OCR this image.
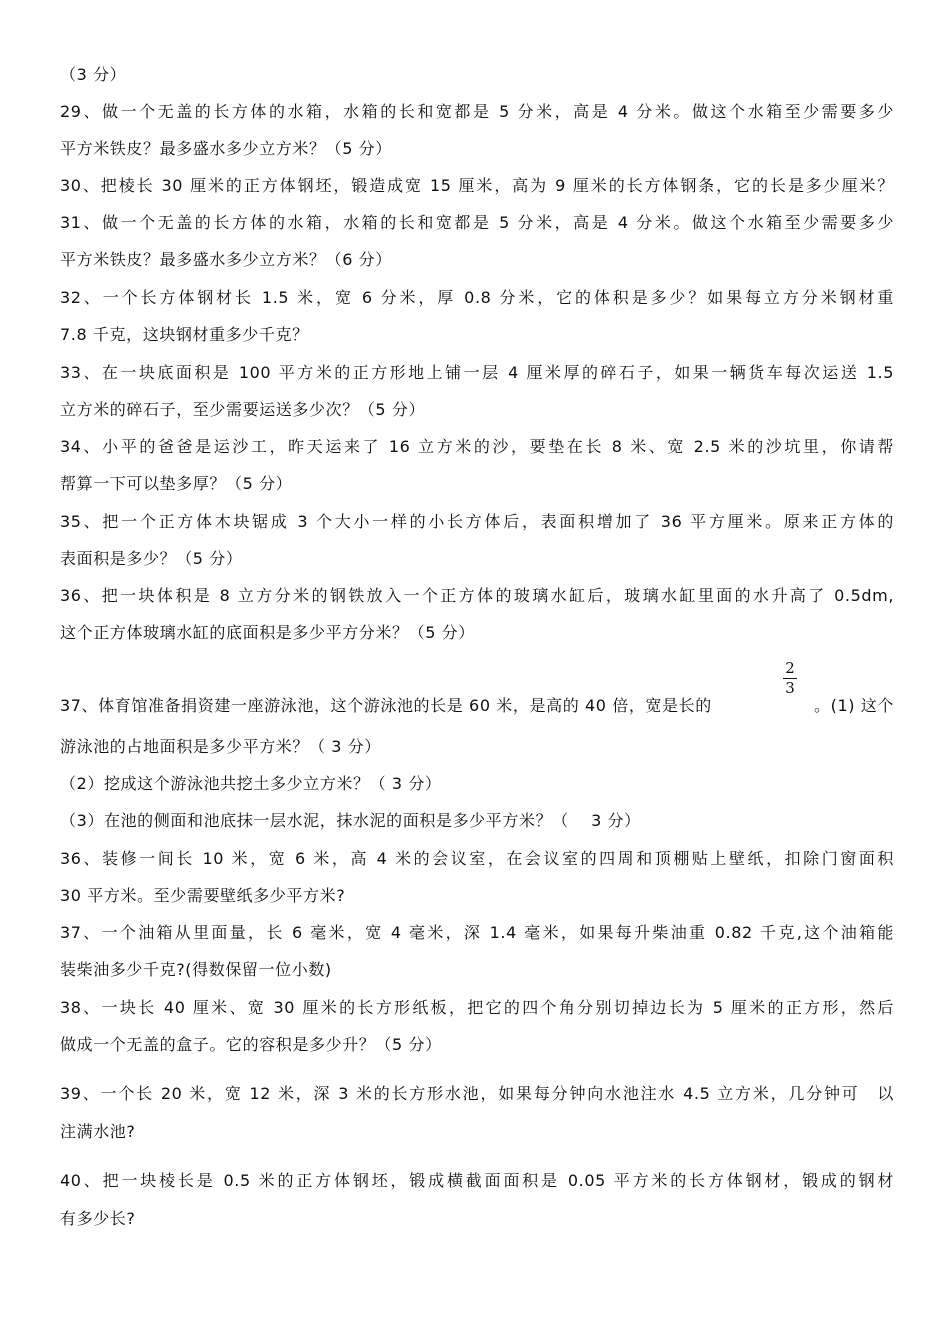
（3 分）
29、做一个无盖的长方体的水箱，水箱的长和宽都是 5 分米，高是 4 分米。做这个水箱至少需要多少
平方米铁皮？最多盛水多少立方米？（5 分）
30、把棱长 30 厘米的正方体钢坯，锻造成宽 15 厘米，高为 9 厘米的长方体钢条，它的长是多少厘米？
31、做一个无盖的长方体的水箱，水箱的长和宽都是 5 分米，高是 4 分米。做这个水箱至少需要多少
平方米铁皮？最多盛水多少立方米？（6 分）
32、一个长方体钢材长 1.5 米，宽 6 分米，厚 0.8 分米，它的体积是多少？如果每立方分米钢材重
7.8 千克，这块钢材重多少千克？
33、在一块底面积是 100 平方米的正方形地上铺一层 4 厘米厚的碎石子，如果一辆货车每次运送 1.5
立方米的碎石子，至少需要运送多少次？（5 分）
34、小平的爸爸是运沙工，昨天运来了 16 立方米的沙，要垫在长 8 米、宽 2.5 米的沙坑里，你请帮
帮算一下可以垫多厚？（5 分）
35、把一个正方体木块锯成 3 个大小一样的小长方体后，表面积增加了 36 平方厘米。原来正方体的
表面积是多少？（5 分）
36、把一块体积是 8 立方分米的钢铁放入一个正方体的玻璃水缸后，玻璃水缸里面的水升高了 0.5dm,
这个正方体玻璃水缸的底面积是多少平方分米？（5 分）
37、体育馆准备捐资建一座游泳池，这个游泳池的长是 60 米，是高的 40 倍，宽是长的
2
3
。(1) 这个
游泳池的占地面积是多少平方米？（ 3 分）
（2）挖成这个游泳池共挖土多少立方米？（ 3 分）
（3）在池的侧面和池底抹一层水泥，抹水泥的面积是多少平方米？（　 3 分）
36、装修一间长 10 米，宽 6 米，高 4 米的会议室，在会议室的四周和顶棚贴上壁纸，扣除门窗面积
30 平方米。至少需要壁纸多少平方米?
37、一个油箱从里面量，长 6 毫米，宽 4 毫米，深 1.4 毫米，如果每升柴油重 0.82 千克,这个油箱能
装柴油多少千克?(得数保留一位小数)
38、一块长 40 厘米、宽 30 厘米的长方形纸板，把它的四个角分别切掉边长为 5 厘米的正方形，然后
做成一个无盖的盒子。它的容积是多少升？（5 分）
39、一个长 20 米，宽 12 米，深 3 米的长方形水池，如果每分钟向水池注水 4.5 立方米，几分钟可　以
注满水池?
40、把一块棱长是 0.5 米的正方体钢坯，锻成横截面面积是 0.05 平方米的长方体钢材，锻成的钢材
有多少长?
